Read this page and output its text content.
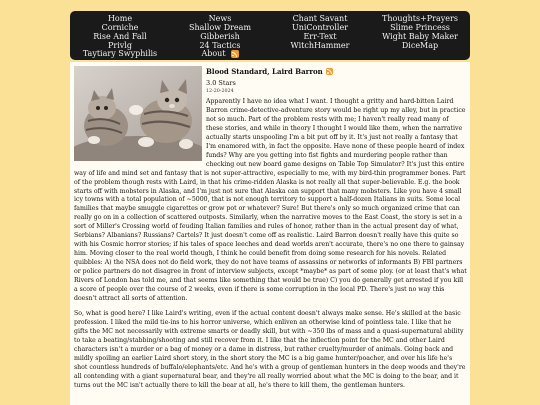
Home	News	Chant Savant	Thoughts+Prayers
Corniche	Shallow Dream	UniController	Slime Princess
Rise And Fall	Gibberish	Err-Text	Wight Baby Maker
Privlg	24 Tactics	WitchHammer	DiceMap
Taytiary Swyphilis	About
Blood Standard, Laird Barron
3.0 Stars
12-20-2024

Apparently I have no idea what I want. I thought a gritty and hard-bitten Laird Barron crime-detective-adventure story would be right up my alley, but in practice not so much. Part of the problem rests with me; I haven't really read many of these stories, and while in theory I thought I would like them, when the narrative actually starts unspooling I'm a bit put off by it. It's just not really a fantasy that I'm enamored with, in fact the opposite. Have none of these people heard of index funds? Why are you getting into fist fights and murdering people rather than checking out new board game designs on Table Top Simulator? It's just this entire way of life and mind set and fantasy that is not super-attractive, especially to me, with my bird-thin programmer bones. Part of the problem though rests with Laird, in that his crime-ridden Alaska is not really all that super-believable. E.g. the book starts off with mobsters in Alaska, and I'm just not sure that Alaska can support that many mobsters. Like you have 4 small icy towns with a total population of ~5000, that is not enough territory to support a half-dozen Italians in suits. Some local families that maybe smuggle cigarettes or grow pot or whatever? Sure! But there's only so much organized crime that can really go on in a collection of scattered outposts. Similarly, when the narrative moves to the East Coast, the story is set in a sort of Miller's Crossing world of feuding Italian families and rules of honor, rather than in the actual present day of what, Serbians? Albanians? Russians? Cartels? It just doesn't come off as realistic. Laird Barron doesn't really have this quite so with his Cosmic horror stories; if his tales of space leeches and dead worlds aren't accurate, there's no one there to gainsay him. Moving closer to the real world though, I think he could benefit from doing some research for his novels. Related quibbles: A) the NSA does not do field work, they do not have teams of assassins or networks of informants B) FBI partners or police partners do not disagree in front of interview subjects, except *maybe* as part of some ploy. (or at least that's what Rivers of London has told me, and that seems like something that would be true) C) you do generally get arrested if you kill a score of people over the course of 2 weeks, even if there is some corruption in the local PD. There's just no way this doesn't attract all sorts of attention.

So, what is good here? I like Laird's writing, even if the actual content doesn't always make sense. He's skilled at the basic profession. I liked the mild tie-ins to his horror universe, which enliven an otherwise kind of pointless tale. I like that he gifts the MC not necessarily with extreme smarts or deadly skill, but with ~350 lbs of mass and a quasi-supernatural ability to take a beating/stabbing/shooting and still recover from it. I like that the inflection point for the MC and other Laird characters isn't a murder or a bag of money or a dame in distress, but rather cruelty/murder of animals. Going back and mildly spoiling an earlier Laird short story, in the short story the MC is a big game hunter/poacher, and over his life he's shot countless hundreds of buffalo/elephants/etc. And he's with a group of gentleman hunters in the deep woods and they're all contending with a giant supernatural bear, and they're all really worried about what the MC is doing to the bear, and it turns out the MC isn't actually there to kill the bear at all, he's there to kill them, the gentleman hunters.
